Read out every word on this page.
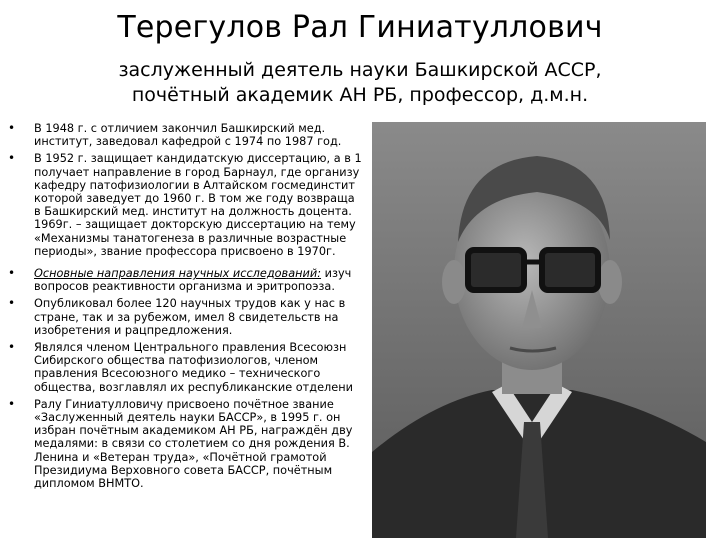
Терегулов Рал Гиниатуллович
заслуженный деятель науки Башкирской АССР,
почётный академик АН РБ, профессор, д.м.н.
• В 1948 г. с отличием закончил Башкирский мед.
институт, заведовал кафедрой с 1974 по 1987 год.
• В 1952 г. защищает кандидатскую диссертацию, а в 1
получает направление в город Барнаул, где организу
кафедру патофизиологии в Алтайском госмединстит
которой заведует до 1960 г. В том же году возвраща
в Башкирский мед. институт на должность доцента.
1969г. – защищает докторскую диссертацию на тему
«Механизмы танатогенеза в различные возрастные
периоды», звание профессора присвоено в 1970г.
• Основные направления научных исследований: изуч
вопросов реактивности организма и эритропоэза.
• Опубликовал более 120 научных трудов как у нас в
стране, так и за рубежом, имел 8 свидетельств на
изобретения и рацпредложения.
• Являлся членом Центрального правления Всесоюзн
Сибирского общества патофизиологов, членом
правления Всесоюзного медико – технического
общества, возглавлял их республиканские отделени
• Ралу Гиниатулловичу присвоено почётное звание
«Заслуженный деятель науки БАССР», в 1995 г. он
избран почётным академиком АН РБ, награждён дву
медалями: в связи со столетием со дня рождения В.
Ленина и «Ветеран труда», «Почётной грамотой
Президиума Верховного совета БАССР, почётным
дипломом ВНМТО.
